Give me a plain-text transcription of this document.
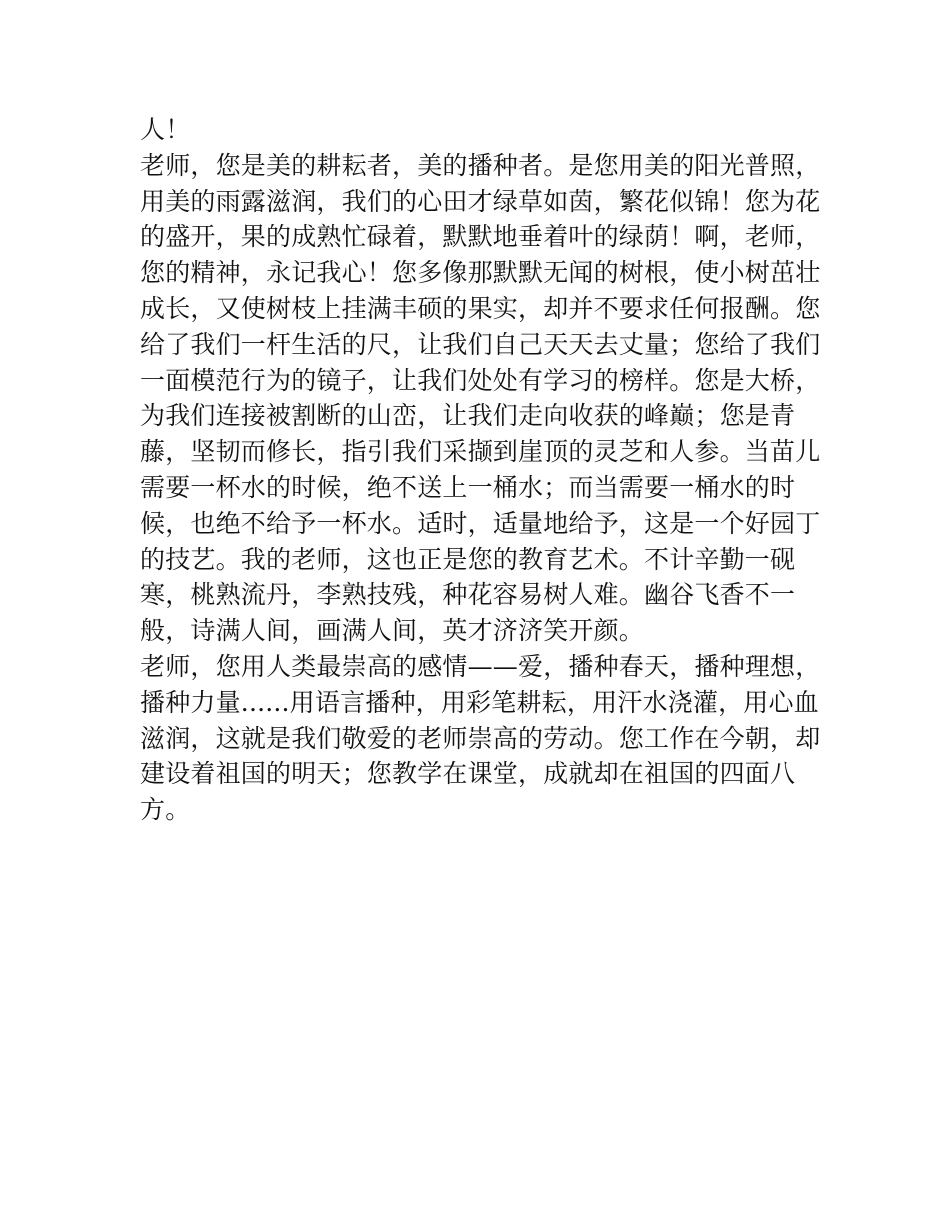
人！
老师，您是美的耕耘者，美的播种者。是您用美的阳光普照，
用美的雨露滋润，我们的心田才绿草如茵，繁花似锦！您为花
的盛开，果的成熟忙碌着，默默地垂着叶的绿荫！啊，老师，
您的精神，永记我心！您多像那默默无闻的树根，使小树茁壮
成长，又使树枝上挂满丰硕的果实，却并不要求任何报酬。您
给了我们一杆生活的尺，让我们自己天天去丈量；您给了我们
一面模范行为的镜子，让我们处处有学习的榜样。您是大桥，
为我们连接被割断的山峦，让我们走向收获的峰巅；您是青
藤，坚韧而修长，指引我们采撷到崖顶的灵芝和人参。当苗儿
需要一杯水的时候，绝不送上一桶水；而当需要一桶水的时
候，也绝不给予一杯水。适时，适量地给予，这是一个好园丁
的技艺。我的老师，这也正是您的教育艺术。不计辛勤一砚
寒，桃熟流丹，李熟技残，种花容易树人难。幽谷飞香不一
般，诗满人间，画满人间，英才济济笑开颜。
老师，您用人类最崇高的感情——爱，播种春天，播种理想，
播种力量......用语言播种，用彩笔耕耘，用汗水浇灌，用心血
滋润，这就是我们敬爱的老师崇高的劳动。您工作在今朝，却
建设着祖国的明天；您教学在课堂，成就却在祖国的四面八
方。
